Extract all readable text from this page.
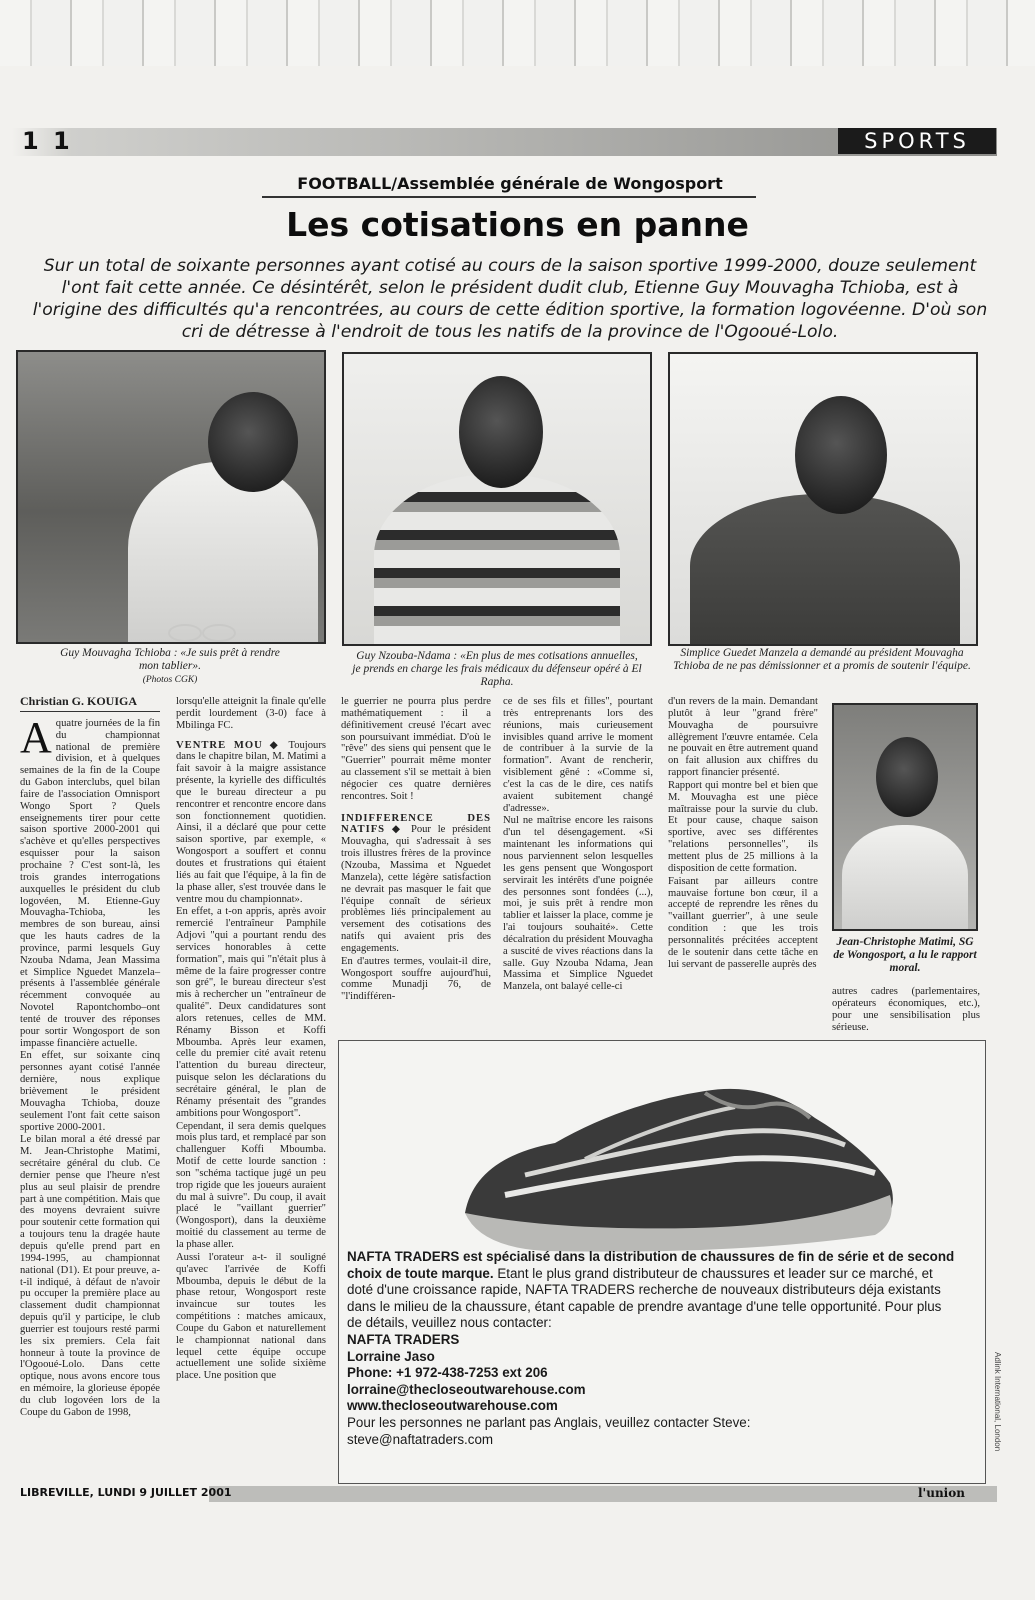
1 1	SPORTS
FOOTBALL/Assemblée générale de Wongosport
Les cotisations en panne
Sur un total de soixante personnes ayant cotisé au cours de la saison sportive 1999-2000, douze seulement l'ont fait cette année. Ce désintérêt, selon le président dudit club, Etienne Guy Mouvagha Tchioba, est à l'origine des difficultés qu'a rencontrées, au cours de cette édition sportive, la formation logovéenne. D'où son cri de détresse à l'endroit de tous les natifs de la province de l'Ogooué-Lolo.
Guy Mouvagha Tchioba : «Je suis prêt à rendre mon tablier».
(Photos CGK)
Guy Nzouba-Ndama : «En plus de mes cotisations annuelles, je prends en charge les frais médicaux du défenseur opéré à El Rapha.
Simplice Guedet Manzela a demandé au président Mouvagha Tchioba de ne pas démissionner et a promis de soutenir l'équipe.
Christian G. KOUIGA

Aquatre journées de la fin du championnat national de première division, et à quelques semaines de la fin de la Coupe du Gabon interclubs, quel bilan faire de l'association Omnisport Wongo Sport ? Quels enseignements tirer pour cette saison sportive 2000-2001 qui s'achève et qu'elles perspectives esquisser pour la saison prochaine ? C'est sont-là, les trois grandes interrogations auxquelles le président du club logovéen, M. Etienne-Guy Mouvagha-Tchioba, les membres de son bureau, ainsi que les hauts cadres de la province, parmi lesquels Guy Nzouba Ndama, Jean Massima et Simplice Nguedet Manzela–présents à l'assemblée générale récemment convoquée au Novotel Rapontchombo–ont tenté de trouver des réponses pour sortir Wongosport de son impasse financière actuelle.

En effet, sur soixante cinq personnes ayant cotisé l'année dernière, nous explique brièvement le président Mouvagha Tchioba, douze seulement l'ont fait cette saison sportive 2000-2001.

Le bilan moral a été dressé par M. Jean-Christophe Matimi, secrétaire général du club. Ce dernier pense que l'heure n'est plus au seul plaisir de prendre part à une compétition. Mais que des moyens devraient suivre pour soutenir cette formation qui a toujours tenu la dragée haute depuis qu'elle prend part en 1994-1995, au championnat national (D1). Et pour preuve, a-t-il indiqué, à défaut de n'avoir pu occuper la première place au classement dudit championnat depuis qu'il y participe, le club guerrier est toujours resté parmi les six premiers. Cela fait honneur à toute la province de l'Ogooué-Lolo. Dans cette optique, nous avons encore tous en mémoire, la glorieuse épopée du club logovéen lors de la Coupe du Gabon de 1998,

lorsqu'elle atteignit la finale qu'elle perdit lourdement (3-0) face à Mbilinga FC.

VENTRE MOU ◆ Toujours dans le chapitre bilan, M. Matimi a fait savoir à la maigre assistance présente, la kyrielle des difficultés que le bureau directeur a pu rencontrer et rencontre encore dans son fonctionnement quotidien. Ainsi, il a déclaré que pour cette saison sportive, par exemple, « Wongosport a souffert et connu doutes et frustrations qui étaient liés au fait que l'équipe, à la fin de la phase aller, s'est trouvée dans le ventre mou du championnat».

En effet, a t-on appris, après avoir remercié l'entraîneur Pamphile Adjovi "qui a pourtant rendu des services honorables à cette formation", mais qui "n'était plus à même de la faire progresser contre son gré", le bureau directeur s'est mis à rechercher un "entraîneur de qualité". Deux candidatures sont alors retenues, celles de MM. Rénamy Bisson et Koffi Mboumba. Après leur examen, celle du premier cité avait retenu l'attention du bureau directeur, puisque selon les déclarations du secrétaire général, le plan de Rénamy présentait des "grandes ambitions pour Wongosport".

Cependant, il sera demis quelques mois plus tard, et remplacé par son challenguer Koffi Mboumba. Motif de cette lourde sanction : son "schéma tactique jugé un peu trop rigide que les joueurs auraient du mal à suivre". Du coup, il avait placé le "vaillant guerrier" (Wongosport), dans la deuxième moitié du classement au terme de la phase aller.

Aussi l'orateur a-t- il souligné qu'avec l'arrivée de Koffi Mboumba, depuis le début de la phase retour, Wongosport reste invaincue sur toutes les compétitions : matches amicaux, Coupe du Gabon et naturellement le championnat national dans lequel cette équipe occupe actuellement une solide sixième place. Une position que

le guerrier ne pourra plus perdre mathématiquement : il a définitivement creusé l'écart avec son poursuivant immédiat. D'où le "rêve" des siens qui pensent que le "Guerrier" pourrait même monter au classement s'il se mettait à bien négocier ces quatre dernières rencontres. Soit !

INDIFFERENCE DES NATIFS ◆ Pour le président Mouvagha, qui s'adressait à ses trois illustres frères de la province (Nzouba, Massima et Nguedet Manzela), cette légère satisfaction ne devrait pas masquer le fait que l'équipe connaît de sérieux problèmes liés principalement au versement des cotisations des natifs qui avaient pris des engagements.

En d'autres termes, voulait-il dire, Wongosport souffre aujourd'hui, comme Munadji 76, de "l'indifféren-

ce de ses fils et filles", pourtant très entreprenants lors des réunions, mais curieusement invisibles quand arrive le moment de contribuer à la survie de la formation". Avant de rencherir, visiblement gêné : «Comme si, c'est la cas de le dire, ces natifs avaient subitement changé d'adresse».

Nul ne maîtrise encore les raisons d'un tel désengagement. «Si maintenant les informations qui nous parviennent selon lesquelles les gens pensent que Wongosport servirait les intérêts d'une poignée des personnes sont fondées (...), moi, je suis prêt à rendre mon tablier et laisser la place, comme je l'ai toujours souhaité». Cette décalration du président Mouvagha a suscité de vives réactions dans la salle. Guy Nzouba Ndama, Jean Massima et Simplice Nguedet Manzela, ont balayé celle-ci

d'un revers de la main. Demandant plutôt à leur "grand frère" Mouvagha de poursuivre allègrement l'œuvre entamée. Cela ne pouvait en être autrement quand on fait allusion aux chiffres du rapport financier présenté.

Rapport qui montre bel et bien que M. Mouvagha est une pièce maîtraisse pour la survie du club. Et pour cause, chaque saison sportive, avec ses différentes "relations personnelles", ils mettent plus de 25 millions à la disposition de cette formation.

Faisant par ailleurs contre mauvaise fortune bon cœur, il a accepté de reprendre les rênes du "vaillant guerrier", à une seule condition : que les trois personnalités précitées acceptent de le soutenir dans cette tâche en lui servant de passerelle auprès des

Jean-Christophe Matimi, SG de Wongosport, a lu le rapport moral.

autres cadres (parlementaires, opérateurs économiques, etc.), pour une sensibilisation plus sérieuse.

NAFTA TRADERS est spécialisé dans la distribution de chaussures de fin de série et de second choix de toute marque. Etant le plus grand distributeur de chaussures et leader sur ce marché, et doté d'une croissance rapide, NAFTA TRADERS recherche de nouveaux distributeurs déja existants dans le milieu de la chaussure, étant capable de prendre avantage d'une telle opportunité. Pour plus de détails, veuillez nous contacter:
NAFTA TRADERS
Lorraine Jaso
Phone: +1 972-438-7253 ext 206
lorraine@thecloseoutwarehouse.com
www.thecloseoutwarehouse.com
Pour les personnes ne parlant pas Anglais, veuillez contacter Steve:
steve@naftatraders.com	Adlink International, London
LIBREVILLE, LUNDI 9 JUILLET 2001	l'union
